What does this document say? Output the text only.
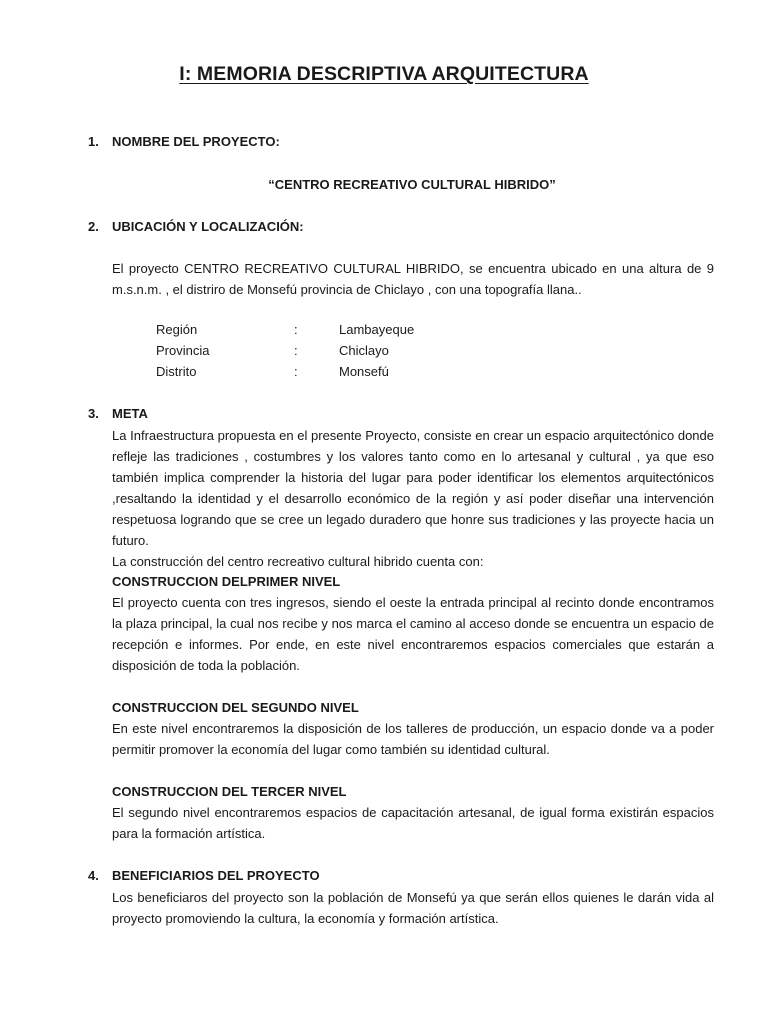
I: MEMORIA DESCRIPTIVA ARQUITECTURA
1. NOMBRE DEL PROYECTO:
“CENTRO RECREATIVO CULTURAL HIBRIDO”
2. UBICACIÓN Y LOCALIZACIÓN:

El proyecto CENTRO RECREATIVO CULTURAL HIBRIDO, se encuentra ubicado en una altura de 9 m.s.n.m. , el distriro de Monsefú provincia de Chiclayo , con una topografía llana..

Región	:	Lambayeque
Provincia	:	Chiclayo
Distrito	:	Monsefú
3. META

La Infraestructura propuesta en el presente Proyecto, consiste en crear un espacio arquitectónico donde refleje las tradiciones , costumbres y los valores tanto como en lo artesanal y cultural , ya que eso también implica comprender la historia del lugar para poder identificar los elementos arquitectónicos ,resaltando la identidad y el desarrollo económico de la región y así poder diseñar una intervención respetuosa logrando que se cree un legado duradero que honre sus tradiciones y las proyecte hacia un futuro.

La construcción del centro recreativo cultural hibrido cuenta con:

CONSTRUCCION DELPRIMER NIVEL

El proyecto cuenta con tres ingresos, siendo el oeste la entrada principal al recinto donde encontramos la plaza principal, la cual nos recibe y nos marca el camino al acceso donde se encuentra un espacio de recepción e informes. Por ende, en este nivel encontraremos espacios comerciales que estarán a disposición de toda la población.

CONSTRUCCION DEL SEGUNDO NIVEL

En este nivel encontraremos la disposición de los talleres de producción, un espacio donde va a poder permitir promover la economía del lugar como también su identidad cultural.

CONSTRUCCION DEL TERCER NIVEL

El segundo nivel encontraremos espacios de capacitación artesanal, de igual forma existirán espacios para la formación artística.

4. BENEFICIARIOS DEL PROYECTO

Los beneficiaros del proyecto son la población de Monsefú ya que serán ellos quienes le darán vida al proyecto promoviendo la cultura, la economía y formación artística.
